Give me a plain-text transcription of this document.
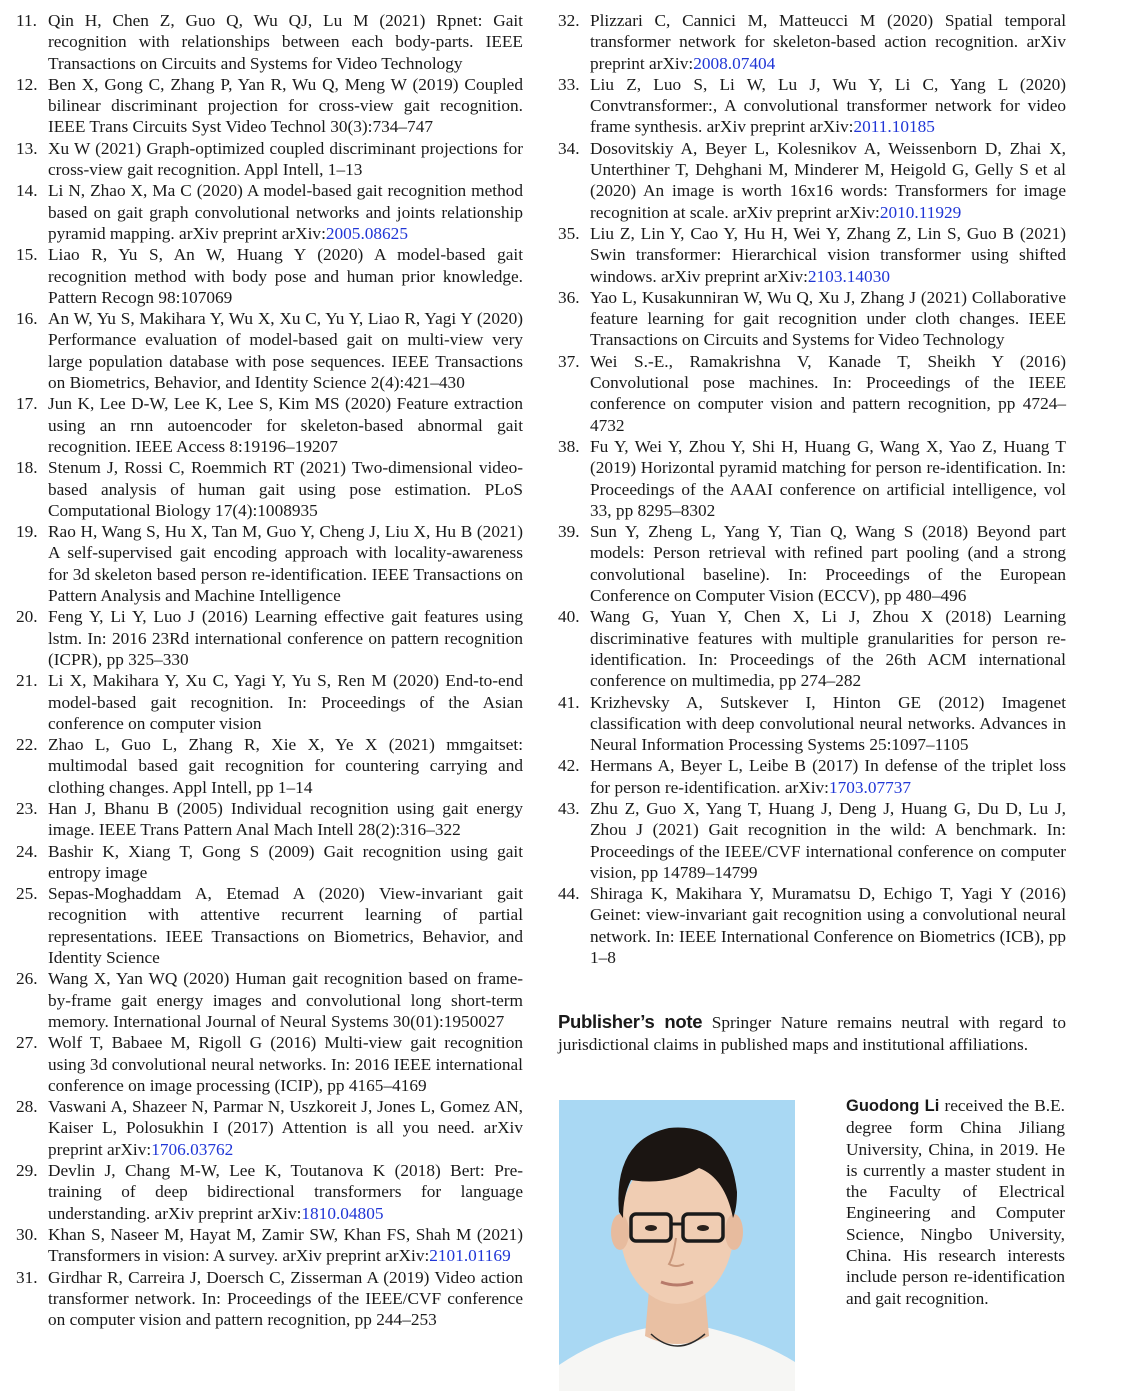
11. Qin H, Chen Z, Guo Q, Wu QJ, Lu M (2021) Rpnet: Gait recognition with relationships between each body-parts. IEEE Transactions on Circuits and Systems for Video Technology
12. Ben X, Gong C, Zhang P, Yan R, Wu Q, Meng W (2019) Coupled bilinear discriminant projection for cross-view gait recognition. IEEE Trans Circuits Syst Video Technol 30(3):734–747
13. Xu W (2021) Graph-optimized coupled discriminant projections for cross-view gait recognition. Appl Intell, 1–13
14. Li N, Zhao X, Ma C (2020) A model-based gait recognition method based on gait graph convolutional networks and joints relationship pyramid mapping. arXiv preprint arXiv:2005.08625
15. Liao R, Yu S, An W, Huang Y (2020) A model-based gait recognition method with body pose and human prior knowledge. Pattern Recogn 98:107069
16. An W, Yu S, Makihara Y, Wu X, Xu C, Yu Y, Liao R, Yagi Y (2020) Performance evaluation of model-based gait on multi-view very large population database with pose sequences. IEEE Transactions on Biometrics, Behavior, and Identity Science 2(4):421–430
17. Jun K, Lee D-W, Lee K, Lee S, Kim MS (2020) Feature extraction using an rnn autoencoder for skeleton-based abnormal gait recognition. IEEE Access 8:19196–19207
18. Stenum J, Rossi C, Roemmich RT (2021) Two-dimensional video-based analysis of human gait using pose estimation. PLoS Computational Biology 17(4):1008935
19. Rao H, Wang S, Hu X, Tan M, Guo Y, Cheng J, Liu X, Hu B (2021) A self-supervised gait encoding approach with locality-awareness for 3d skeleton based person re-identification. IEEE Transactions on Pattern Analysis and Machine Intelligence
20. Feng Y, Li Y, Luo J (2016) Learning effective gait features using lstm. In: 2016 23Rd international conference on pattern recognition (ICPR), pp 325–330
21. Li X, Makihara Y, Xu C, Yagi Y, Yu S, Ren M (2020) End-to-end model-based gait recognition. In: Proceedings of the Asian conference on computer vision
22. Zhao L, Guo L, Zhang R, Xie X, Ye X (2021) mmgaitset: multimodal based gait recognition for countering carrying and clothing changes. Appl Intell, pp 1–14
23. Han J, Bhanu B (2005) Individual recognition using gait energy image. IEEE Trans Pattern Anal Mach Intell 28(2):316–322
24. Bashir K, Xiang T, Gong S (2009) Gait recognition using gait entropy image
25. Sepas-Moghaddam A, Etemad A (2020) View-invariant gait recognition with attentive recurrent learning of partial representations. IEEE Transactions on Biometrics, Behavior, and Identity Science
26. Wang X, Yan WQ (2020) Human gait recognition based on frame-by-frame gait energy images and convolutional long short-term memory. International Journal of Neural Systems 30(01):1950027
27. Wolf T, Babaee M, Rigoll G (2016) Multi-view gait recognition using 3d convolutional neural networks. In: 2016 IEEE international conference on image processing (ICIP), pp 4165–4169
28. Vaswani A, Shazeer N, Parmar N, Uszkoreit J, Jones L, Gomez AN, Kaiser L, Polosukhin I (2017) Attention is all you need. arXiv preprint arXiv:1706.03762
29. Devlin J, Chang M-W, Lee K, Toutanova K (2018) Bert: Pre-training of deep bidirectional transformers for language understanding. arXiv preprint arXiv:1810.04805
30. Khan S, Naseer M, Hayat M, Zamir SW, Khan FS, Shah M (2021) Transformers in vision: A survey. arXiv preprint arXiv:2101.01169
31. Girdhar R, Carreira J, Doersch C, Zisserman A (2019) Video action transformer network. In: Proceedings of the IEEE/CVF conference on computer vision and pattern recognition, pp 244–253
32. Plizzari C, Cannici M, Matteucci M (2020) Spatial temporal transformer network for skeleton-based action recognition. arXiv preprint arXiv:2008.07404
33. Liu Z, Luo S, Li W, Lu J, Wu Y, Li C, Yang L (2020) Convtransformer:, A convolutional transformer network for video frame synthesis. arXiv preprint arXiv:2011.10185
34. Dosovitskiy A, Beyer L, Kolesnikov A, Weissenborn D, Zhai X, Unterthiner T, Dehghani M, Minderer M, Heigold G, Gelly S et al (2020) An image is worth 16x16 words: Transformers for image recognition at scale. arXiv preprint arXiv:2010.11929
35. Liu Z, Lin Y, Cao Y, Hu H, Wei Y, Zhang Z, Lin S, Guo B (2021) Swin transformer: Hierarchical vision transformer using shifted windows. arXiv preprint arXiv:2103.14030
36. Yao L, Kusakunniran W, Wu Q, Xu J, Zhang J (2021) Collaborative feature learning for gait recognition under cloth changes. IEEE Transactions on Circuits and Systems for Video Technology
37. Wei S.-E., Ramakrishna V, Kanade T, Sheikh Y (2016) Convolutional pose machines. In: Proceedings of the IEEE conference on computer vision and pattern recognition, pp 4724–4732
38. Fu Y, Wei Y, Zhou Y, Shi H, Huang G, Wang X, Yao Z, Huang T (2019) Horizontal pyramid matching for person re-identification. In: Proceedings of the AAAI conference on artificial intelligence, vol 33, pp 8295–8302
39. Sun Y, Zheng L, Yang Y, Tian Q, Wang S (2018) Beyond part models: Person retrieval with refined part pooling (and a strong convolutional baseline). In: Proceedings of the European Conference on Computer Vision (ECCV), pp 480–496
40. Wang G, Yuan Y, Chen X, Li J, Zhou X (2018) Learning discriminative features with multiple granularities for person re-identification. In: Proceedings of the 26th ACM international conference on multimedia, pp 274–282
41. Krizhevsky A, Sutskever I, Hinton GE (2012) Imagenet classification with deep convolutional neural networks. Advances in Neural Information Processing Systems 25:1097–1105
42. Hermans A, Beyer L, Leibe B (2017) In defense of the triplet loss for person re-identification. arXiv:1703.07737
43. Zhu Z, Guo X, Yang T, Huang J, Deng J, Huang G, Du D, Lu J, Zhou J (2021) Gait recognition in the wild: A benchmark. In: Proceedings of the IEEE/CVF international conference on computer vision, pp 14789–14799
44. Shiraga K, Makihara Y, Muramatsu D, Echigo T, Yagi Y (2016) Geinet: view-invariant gait recognition using a convolutional neural network. In: IEEE International Conference on Biometrics (ICB), pp 1–8
Publisher’s note Springer Nature remains neutral with regard to jurisdictional claims in published maps and institutional affiliations.
Guodong Li received the B.E. degree form China Jiliang University, China, in 2019. He is currently a master student in the Faculty of Electrical Engineering and Computer Science, Ningbo University, China. His research interests include person re-identification and gait recognition.
